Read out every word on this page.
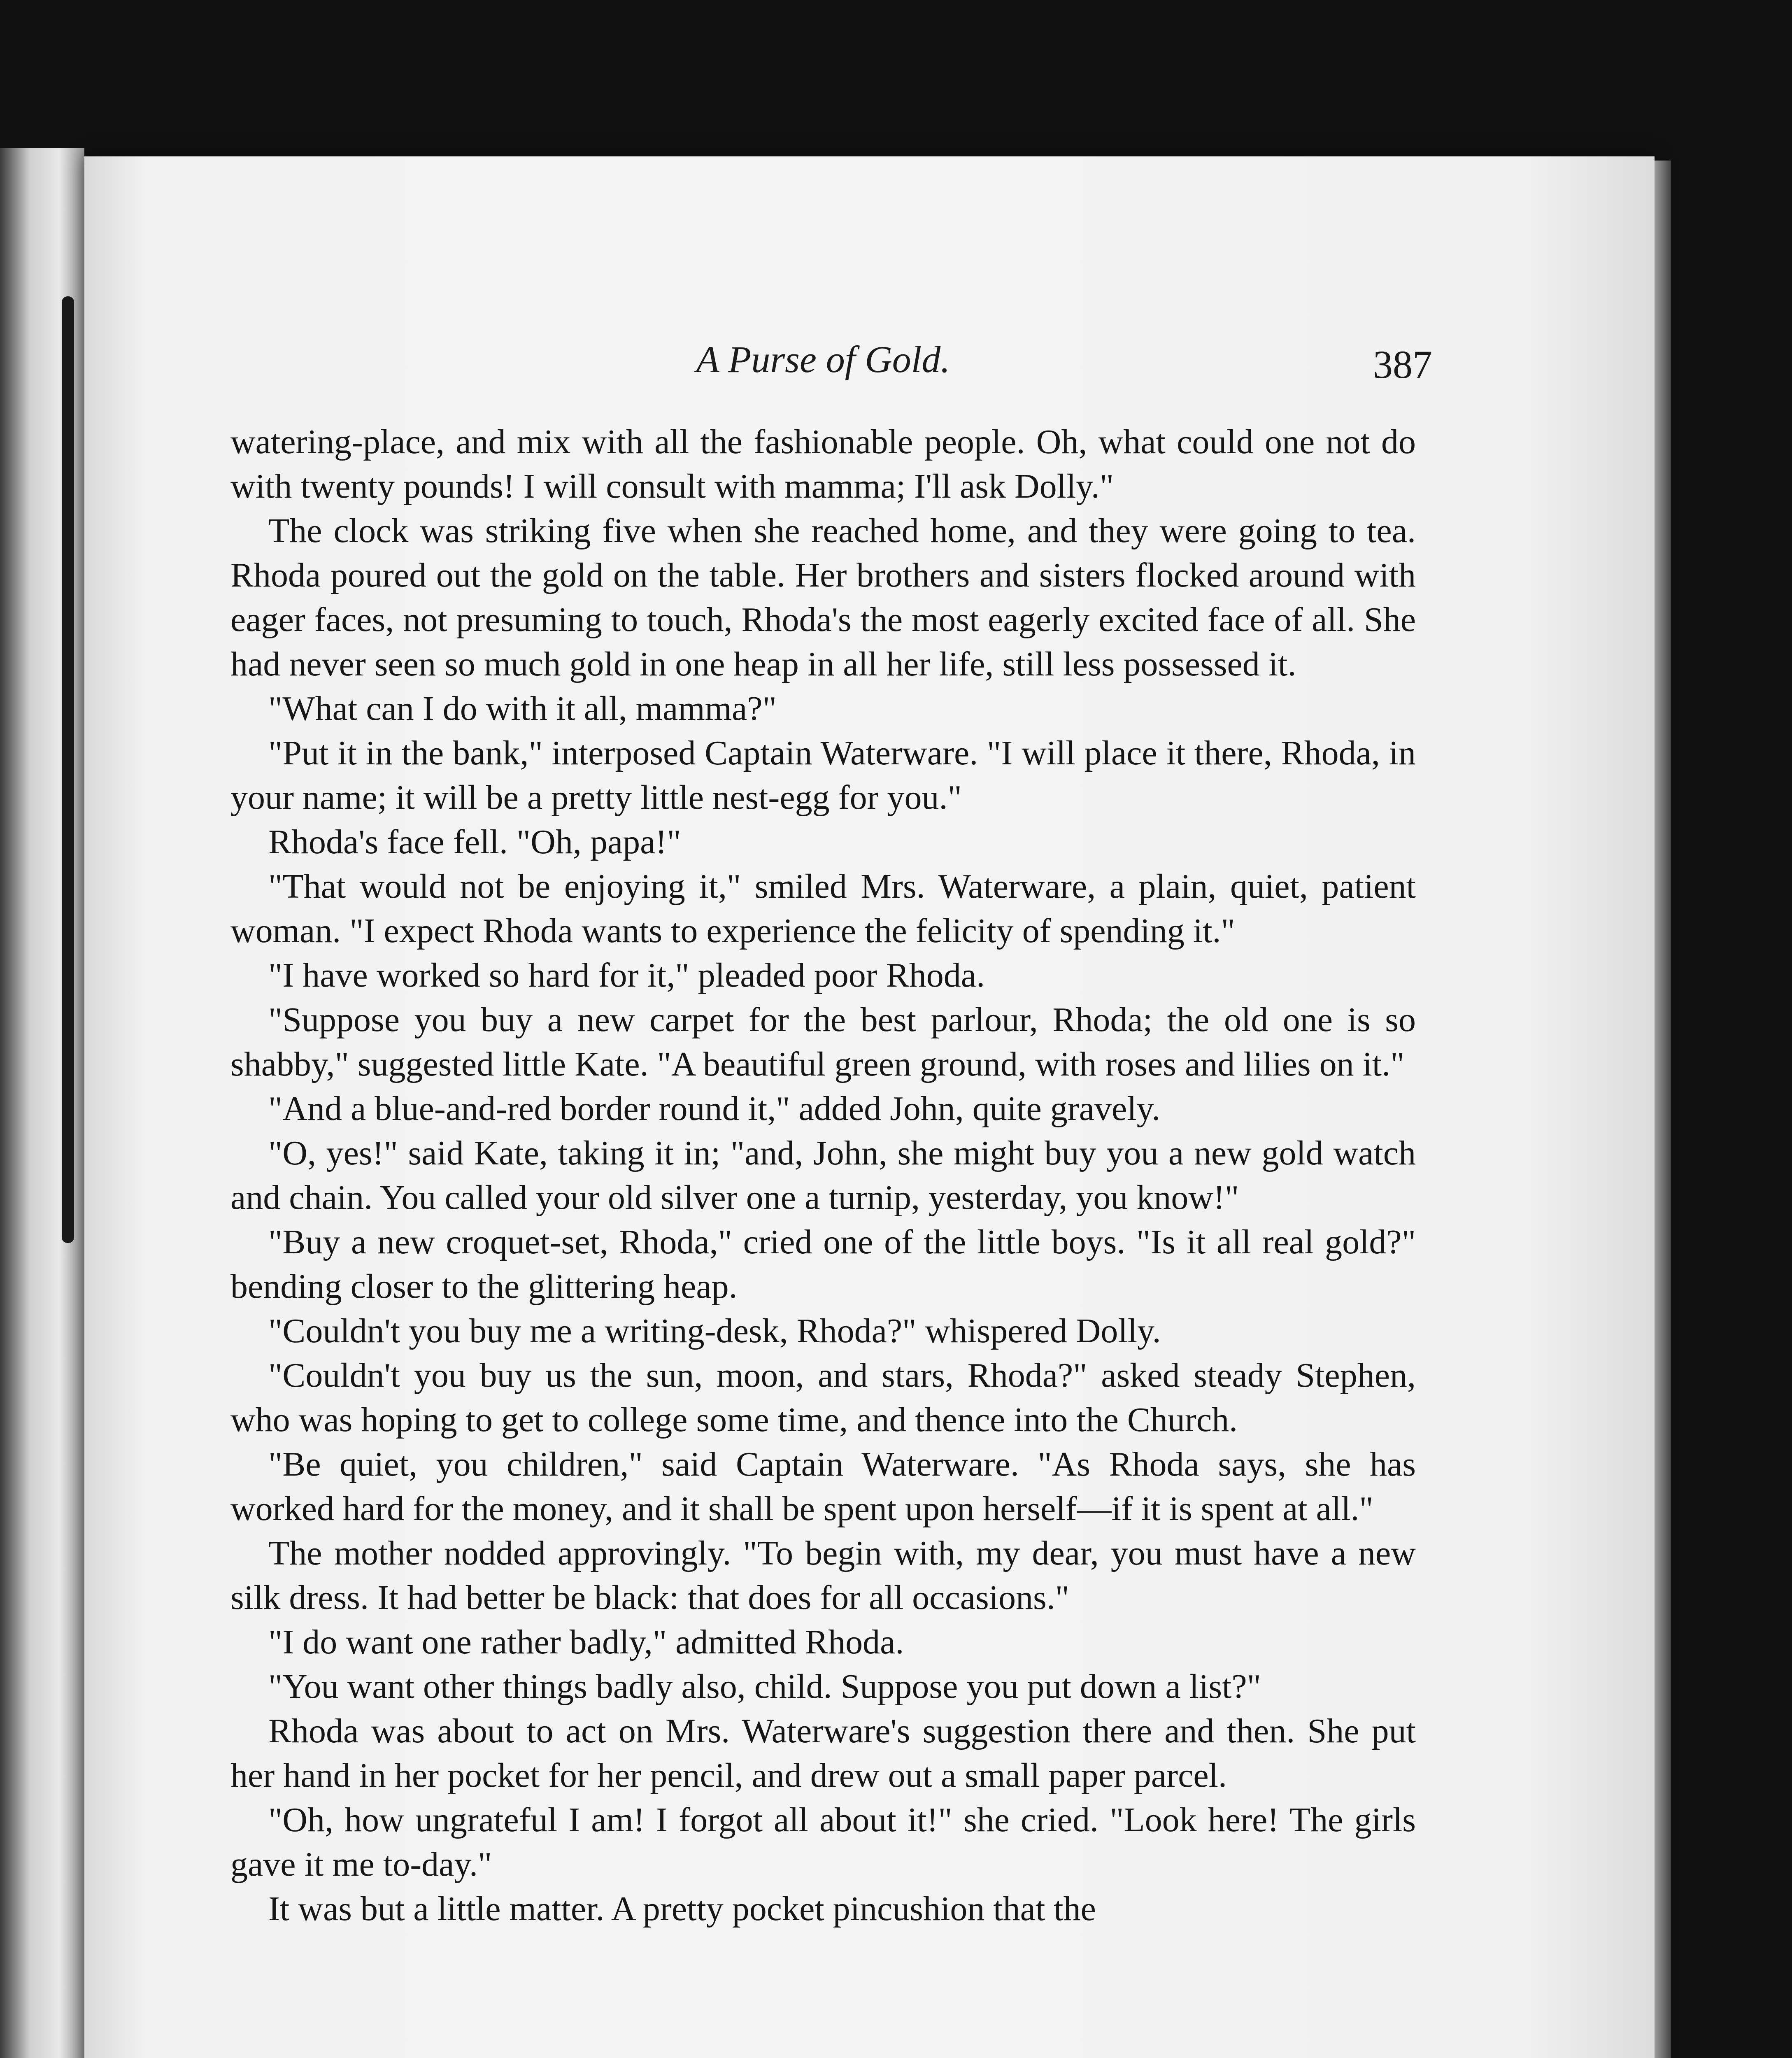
A Purse of Gold.	387

watering-place, and mix with all the fashionable people. Oh, what could one not do with twenty pounds! I will consult with mamma; I'll ask Dolly."

The clock was striking five when she reached home, and they were going to tea. Rhoda poured out the gold on the table. Her brothers and sisters flocked around with eager faces, not presuming to touch, Rhoda's the most eagerly excited face of all. She had never seen so much gold in one heap in all her life, still less possessed it.

"What can I do with it all, mamma?"

"Put it in the bank," interposed Captain Waterware. "I will place it there, Rhoda, in your name; it will be a pretty little nest-egg for you."

Rhoda's face fell. "Oh, papa!"

"That would not be enjoying it," smiled Mrs. Waterware, a plain, quiet, patient woman. "I expect Rhoda wants to experience the felicity of spending it."

"I have worked so hard for it," pleaded poor Rhoda.

"Suppose you buy a new carpet for the best parlour, Rhoda; the old one is so shabby," suggested little Kate. "A beautiful green ground, with roses and lilies on it."

"And a blue-and-red border round it," added John, quite gravely.

"O, yes!" said Kate, taking it in; "and, John, she might buy you a new gold watch and chain. You called your old silver one a turnip, yesterday, you know!"

"Buy a new croquet-set, Rhoda," cried one of the little boys. "Is it all real gold?" bending closer to the glittering heap.

"Couldn't you buy me a writing-desk, Rhoda?" whispered Dolly.

"Couldn't you buy us the sun, moon, and stars, Rhoda?" asked steady Stephen, who was hoping to get to college some time, and thence into the Church.

"Be quiet, you children," said Captain Waterware. "As Rhoda says, she has worked hard for the money, and it shall be spent upon herself—if it is spent at all."

The mother nodded approvingly. "To begin with, my dear, you must have a new silk dress. It had better be black: that does for all occasions."

"I do want one rather badly," admitted Rhoda.

"You want other things badly also, child. Suppose you put down a list?"

Rhoda was about to act on Mrs. Waterware's suggestion there and then. She put her hand in her pocket for her pencil, and drew out a small paper parcel.

"Oh, how ungrateful I am! I forgot all about it!" she cried. "Look here! The girls gave it me to-day."

It was but a little matter. A pretty pocket pincushion that the
